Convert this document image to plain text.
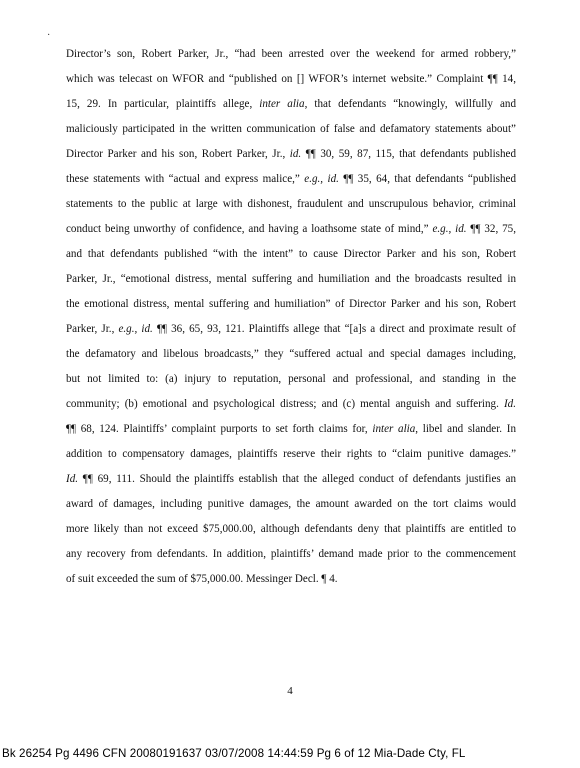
·
Director’s son, Robert Parker, Jr., “had been arrested over the weekend for armed robbery,”
which was telecast on WFOR and “published on [] WFOR’s internet website.” Complaint ¶¶ 14,
15, 29. In particular, plaintiffs allege, inter alia, that defendants “knowingly, willfully and
maliciously participated in the written communication of false and defamatory statements about”
Director Parker and his son, Robert Parker, Jr., id. ¶¶ 30, 59, 87, 115, that defendants published
these statements with “actual and express malice,” e.g., id. ¶¶ 35, 64, that defendants “published
statements to the public at large with dishonest, fraudulent and unscrupulous behavior, criminal
conduct being unworthy of confidence, and having a loathsome state of mind,” e.g., id. ¶¶ 32, 75,
and that defendants published “with the intent” to cause Director Parker and his son, Robert
Parker, Jr., “emotional distress, mental suffering and humiliation and the broadcasts resulted in
the emotional distress, mental suffering and humiliation” of Director Parker and his son, Robert
Parker, Jr., e.g., id. ¶¶ 36, 65, 93, 121. Plaintiffs allege that “[a]s a direct and proximate result of
the defamatory and libelous broadcasts,” they “suffered actual and special damages including,
but not limited to: (a) injury to reputation, personal and professional, and standing in the
community; (b) emotional and psychological distress; and (c) mental anguish and suffering. Id.
¶¶ 68, 124. Plaintiffs’ complaint purports to set forth claims for, inter alia, libel and slander. In
addition to compensatory damages, plaintiffs reserve their rights to “claim punitive damages.”
Id. ¶¶ 69, 111. Should the plaintiffs establish that the alleged conduct of defendants justifies an
award of damages, including punitive damages, the amount awarded on the tort claims would
more likely than not exceed $75,000.00, although defendants deny that plaintiffs are entitled to
any recovery from defendants. In addition, plaintiffs’ demand made prior to the commencement
of suit exceeded the sum of $75,000.00. Messinger Decl. ¶ 4.
4
Bk 26254 Pg 4496 CFN 20080191637 03/07/2008 14:44:59 Pg 6 of 12 Mia-Dade Cty, FL
